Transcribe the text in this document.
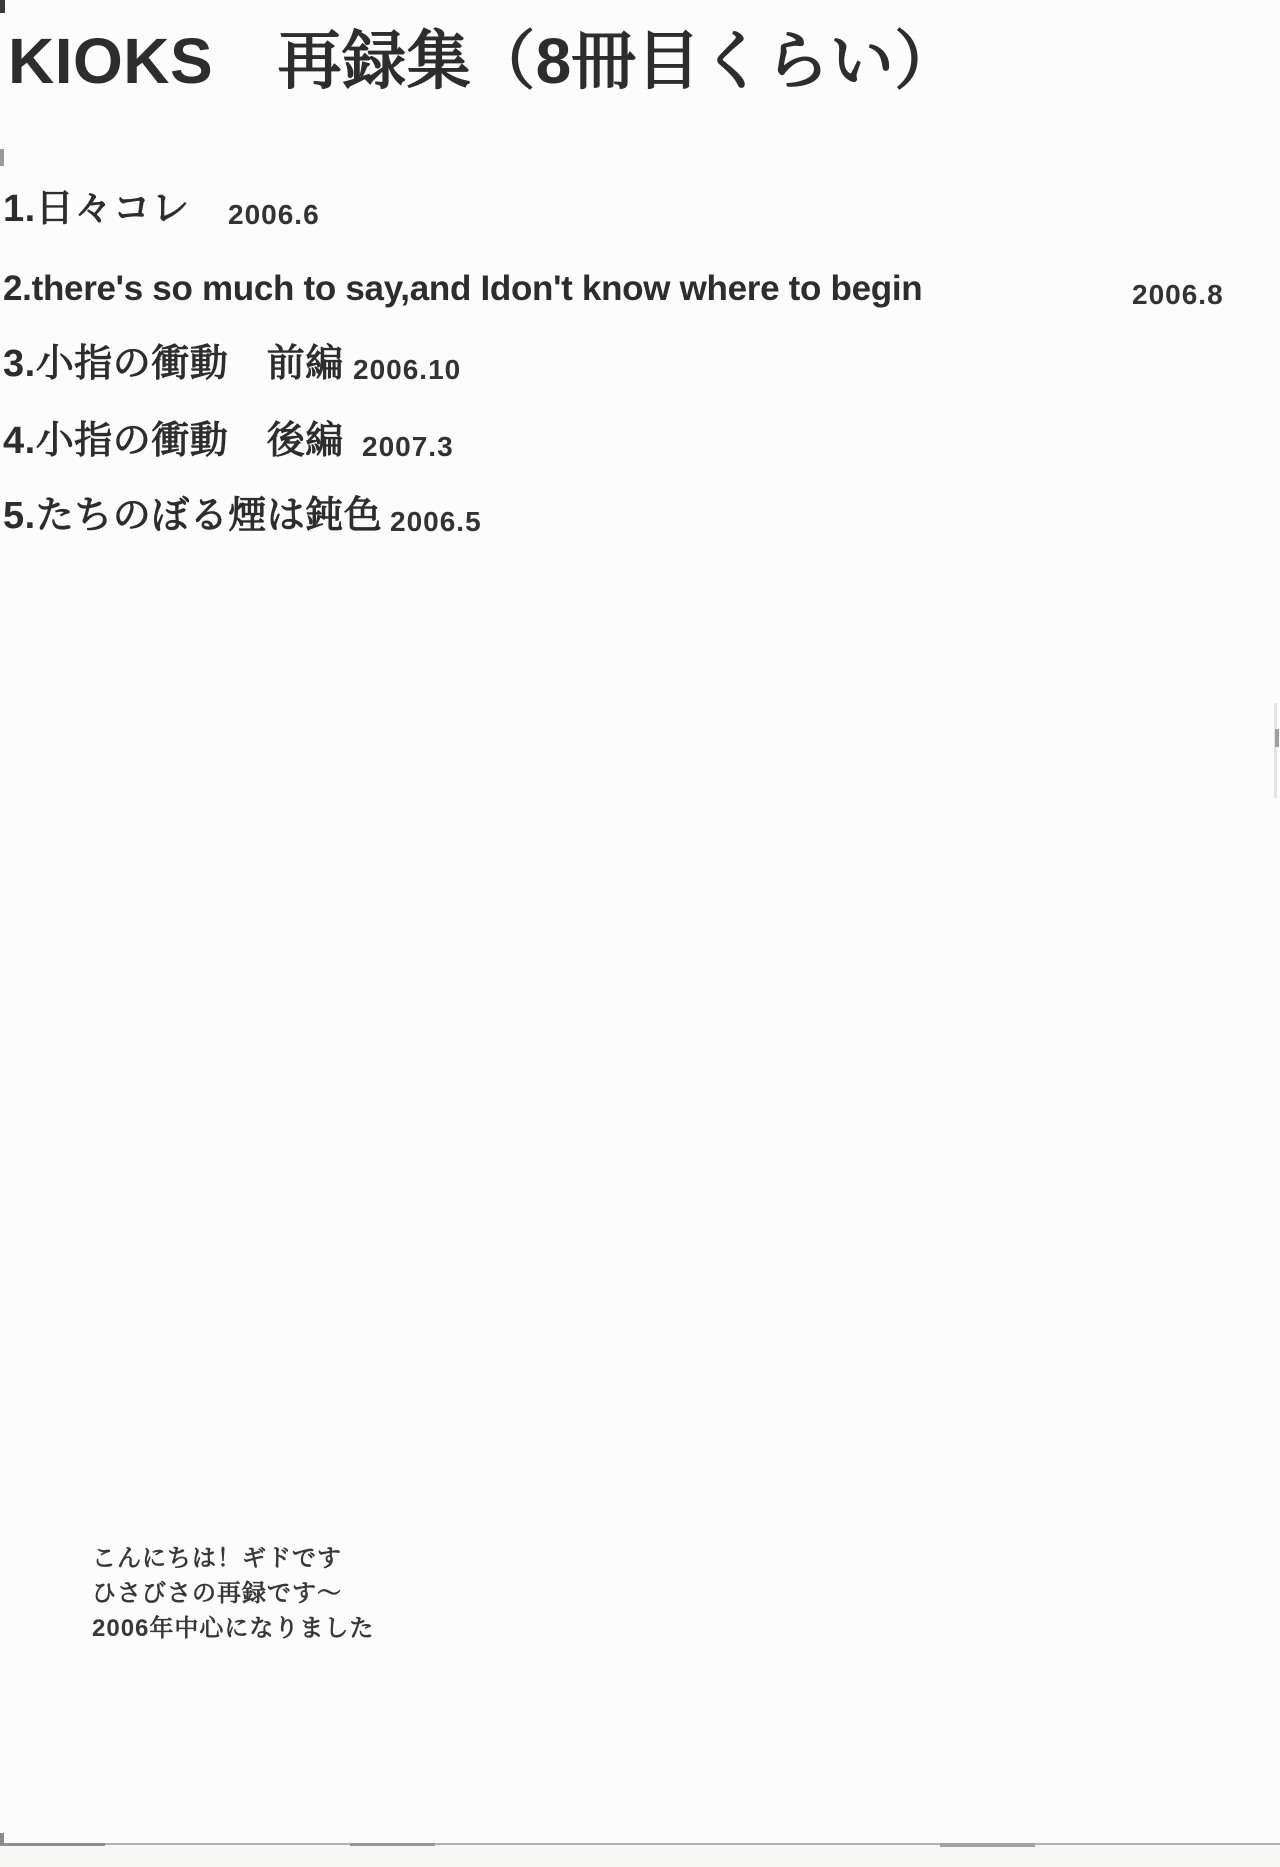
KIOKS　再録集（8冊目くらい）
1.日々コレ 2006.6
2.there's so much to say,and Idon't know where to begin	2006.8
3.小指の衝動　前編 2006.10
4.小指の衝動　後編 2007.3
5.たちのぼる煙は鈍色 2006.5
こんにちは！ギドです
ひさびさの再録です～
2006年中心になりました
